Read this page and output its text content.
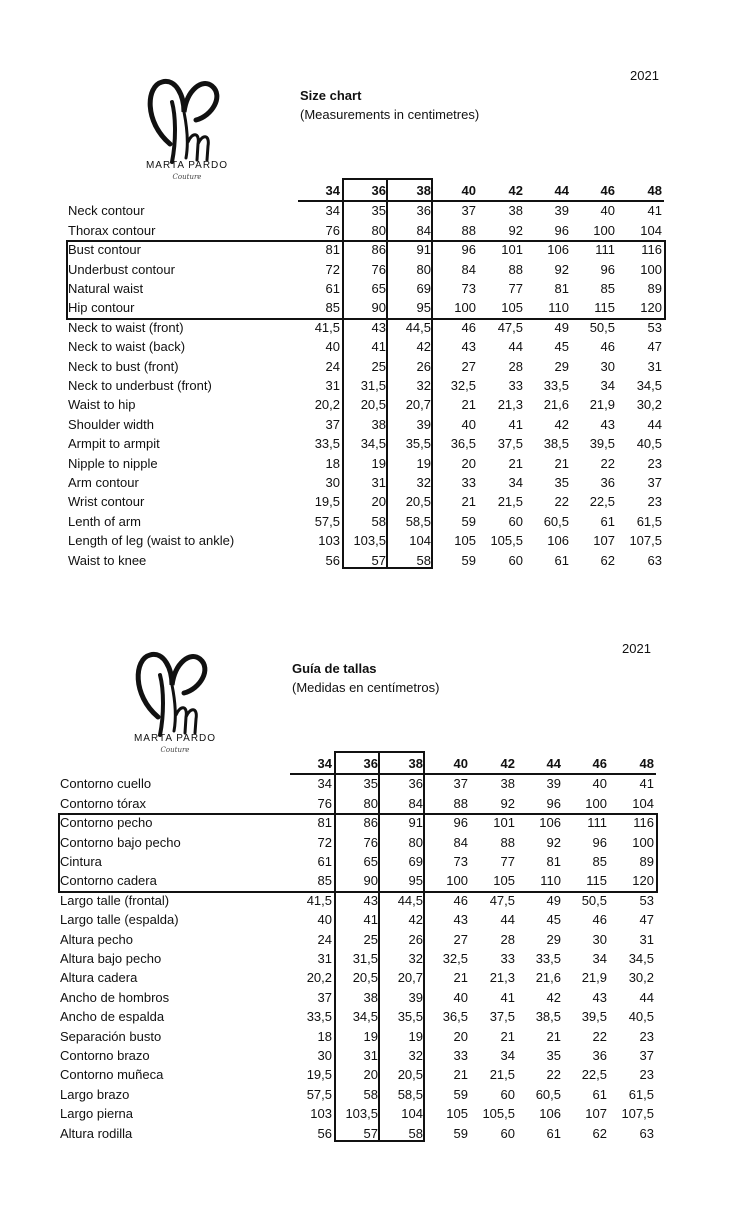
2021
MARTA PARDO
Couture
Size chart
(Measurements in centimetres)
34	36	38	40	42	44	46	48
Neck contour	34	35	36	37	38	39	40	41
Thorax contour	76	80	84	88	92	96	100	104
Bust contour	81	86	91	96	101	106	111	116
Underbust contour	72	76	80	84	88	92	96	100
Natural waist	61	65	69	73	77	81	85	89
Hip contour	85	90	95	100	105	110	115	120
Neck to waist (front)	41,5	43	44,5	46	47,5	49	50,5	53
Neck to waist (back)	40	41	42	43	44	45	46	47
Neck to bust (front)	24	25	26	27	28	29	30	31
Neck to underbust (front)	31	31,5	32	32,5	33	33,5	34	34,5
Waist to hip	20,2	20,5	20,7	21	21,3	21,6	21,9	30,2
Shoulder width	37	38	39	40	41	42	43	44
Armpit to armpit	33,5	34,5	35,5	36,5	37,5	38,5	39,5	40,5
Nipple to nipple	18	19	19	20	21	21	22	23
Arm contour	30	31	32	33	34	35	36	37
Wrist contour	19,5	20	20,5	21	21,5	22	22,5	23
Lenth of arm	57,5	58	58,5	59	60	60,5	61	61,5
Length of leg (waist to ankle)	103	103,5	104	105	105,5	106	107	107,5
Waist to knee	56	57	58	59	60	61	62	63
2021
MARTA PARDO
Couture
Guía de tallas
(Medidas en centímetros)
34	36	38	40	42	44	46	48
Contorno cuello	34	35	36	37	38	39	40	41
Contorno tórax	76	80	84	88	92	96	100	104
Contorno pecho	81	86	91	96	101	106	111	116
Contorno bajo pecho	72	76	80	84	88	92	96	100
Cintura	61	65	69	73	77	81	85	89
Contorno cadera	85	90	95	100	105	110	115	120
Largo talle (frontal)	41,5	43	44,5	46	47,5	49	50,5	53
Largo talle (espalda)	40	41	42	43	44	45	46	47
Altura pecho	24	25	26	27	28	29	30	31
Altura bajo pecho	31	31,5	32	32,5	33	33,5	34	34,5
Altura cadera	20,2	20,5	20,7	21	21,3	21,6	21,9	30,2
Ancho de hombros	37	38	39	40	41	42	43	44
Ancho de espalda	33,5	34,5	35,5	36,5	37,5	38,5	39,5	40,5
Separación busto	18	19	19	20	21	21	22	23
Contorno brazo	30	31	32	33	34	35	36	37
Contorno muñeca	19,5	20	20,5	21	21,5	22	22,5	23
Largo brazo	57,5	58	58,5	59	60	60,5	61	61,5
Largo pierna	103	103,5	104	105	105,5	106	107	107,5
Altura rodilla	56	57	58	59	60	61	62	63
